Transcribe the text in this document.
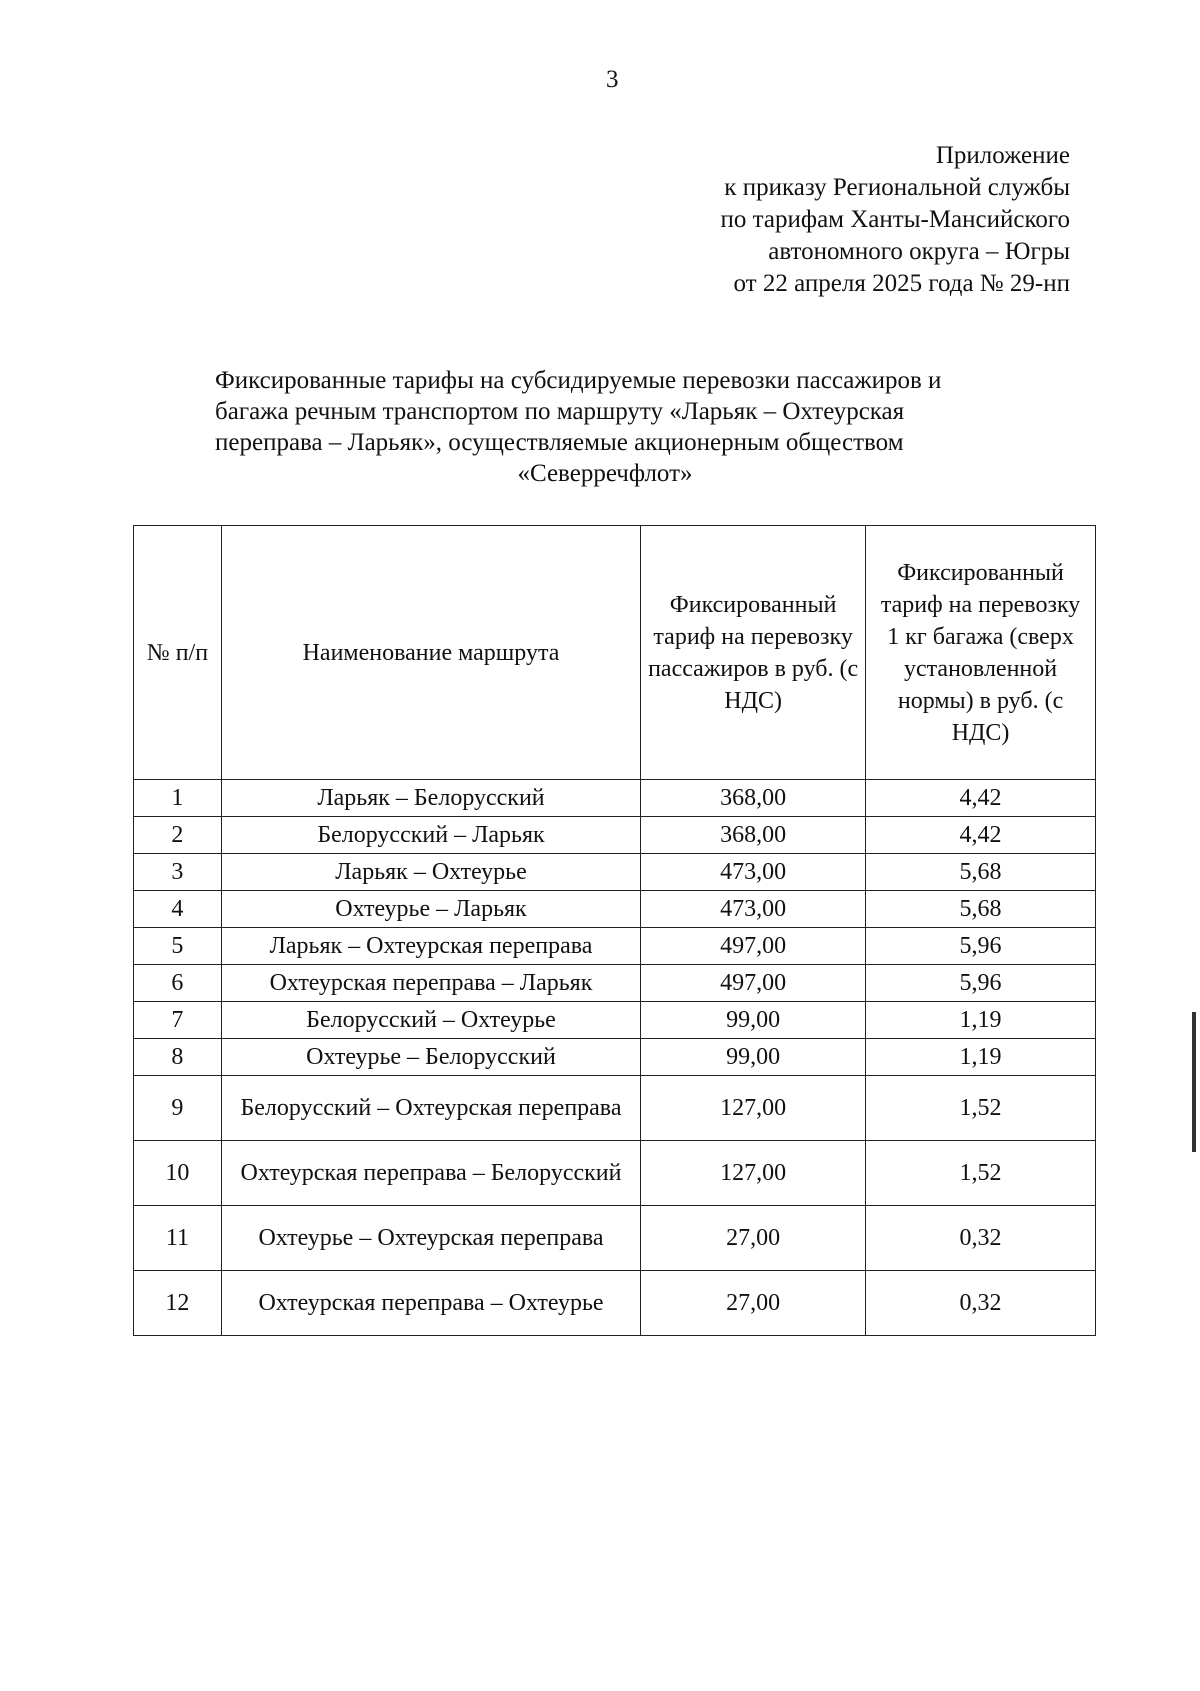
3
Приложение
к приказу Региональной службы
по тарифам Ханты-Мансийского
автономного округа – Югры
от 22 апреля 2025 года № 29-нп
Фиксированные тарифы на субсидируемые перевозки пассажиров и
багажа речным транспортом по маршруту «Ларьяк – Охтеурская
переправа – Ларьяк», осуществляемые акционерным обществом
«Северречфлот»
№ п/п	Наименование маршрута	Фиксированный тариф на перевозку пассажиров в руб. (с НДС)	Фиксированный тариф на перевозку 1 кг багажа (сверх установленной нормы) в руб. (с НДС)
1	Ларьяк – Белорусский	368,00	4,42
2	Белорусский – Ларьяк	368,00	4,42
3	Ларьяк – Охтеурье	473,00	5,68
4	Охтеурье – Ларьяк	473,00	5,68
5	Ларьяк – Охтеурская переправа	497,00	5,96
6	Охтеурская переправа – Ларьяк	497,00	5,96
7	Белорусский – Охтеурье	99,00	1,19
8	Охтеурье – Белорусский	99,00	1,19
9	Белорусский – Охтеурская переправа	127,00	1,52
10	Охтеурская переправа – Белорусский	127,00	1,52
11	Охтеурье – Охтеурская переправа	27,00	0,32
12	Охтеурская переправа – Охтеурье	27,00	0,32
